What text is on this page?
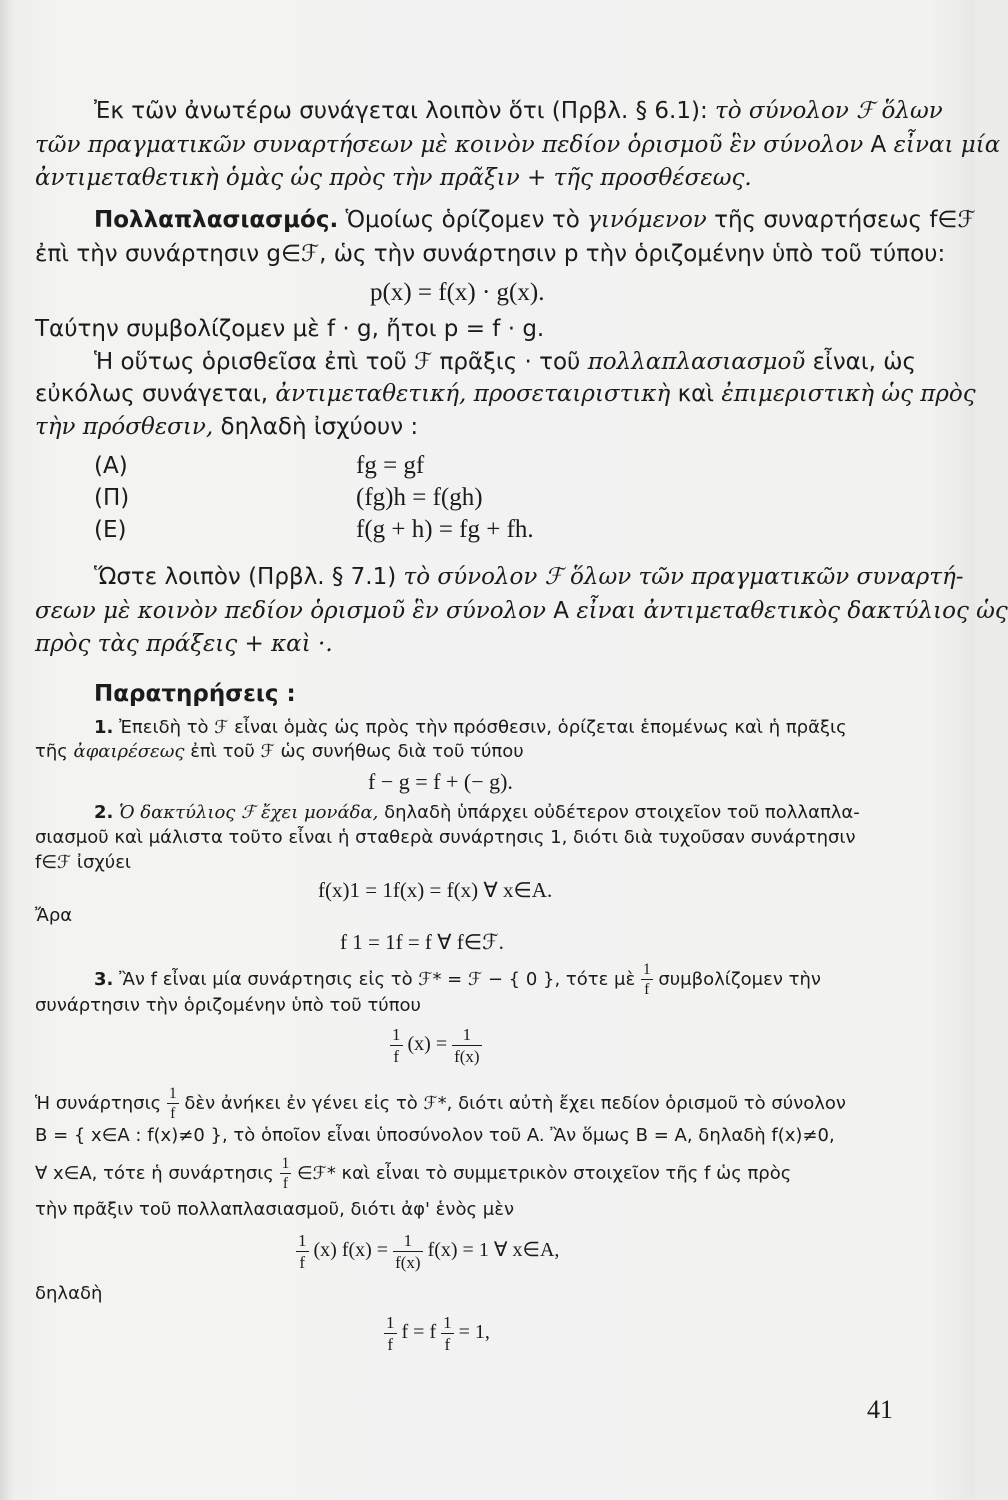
Ἐκ τῶν ἀνωτέρω συνάγεται λοιπὸν ὅτι (Πρβλ. § 6.1): τὸ σύνολον ℱ ὅλων
τῶν πραγματικῶν συναρτήσεων μὲ κοινὸν πεδίον ὁρισμοῦ ἓν σύνολον A εἶναι μία
ἀντιμεταθετικὴ ὁμὰς ὡς πρὸς τὴν πρᾶξιν + τῆς προσθέσεως.
Πολλαπλασιασμός. Ὁμοίως ὁρίζομεν τὸ γινόμενον τῆς συναρτήσεως f∈ℱ
ἐπὶ τὴν συνάρτησιν g∈ℱ, ὡς τὴν συνάρτησιν p τὴν ὁριζομένην ὑπὸ τοῦ τύπου:
p(x) = f(x) · g(x).
Ταύτην συμβολίζομεν μὲ f · g, ἤτοι p = f · g.
Ἡ οὕτως ὁρισθεῖσα ἐπὶ τοῦ ℱ πρᾶξις · τοῦ πολλαπλασιασμοῦ εἶναι, ὡς
εὐκόλως συνάγεται, ἀντιμεταθετική, προσεταιριστικὴ καὶ ἐπιμεριστικὴ ὡς πρὸς
τὴν πρόσθεσιν, δηλαδὴ ἰσχύουν :
(A)	fg = gf
(Π)	(fg)h = f(gh)
(E)	f(g + h) = fg + fh.
Ὥστε λοιπὸν (Πρβλ. § 7.1) τὸ σύνολον ℱ ὅλων τῶν πραγματικῶν συναρτή-
σεων μὲ κοινὸν πεδίον ὁρισμοῦ ἓν σύνολον A εἶναι ἀντιμεταθετικὸς δακτύλιος ὡς
πρὸς τὰς πράξεις + καὶ ·.
Παρατηρήσεις :
1. Ἐπειδὴ τὸ ℱ εἶναι ὁμὰς ὡς πρὸς τὴν πρόσθεσιν, ὁρίζεται ἑπομένως καὶ ἡ πρᾶξις
τῆς ἀφαιρέσεως ἐπὶ τοῦ ℱ ὡς συνήθως διὰ τοῦ τύπου
f − g = f + (− g).
2. Ὁ δακτύλιος ℱ ἔχει μονάδα, δηλαδὴ ὑπάρχει οὐδέτερον στοιχεῖον τοῦ πολλαπλα-
σιασμοῦ καὶ μάλιστα τοῦτο εἶναι ἡ σταθερὰ συνάρτησις 1, διότι διὰ τυχοῦσαν συνάρτησιν
f∈ℱ ἰσχύει
f(x)1 = 1f(x) = f(x) ∀ x∈A.
Ἄρα
f 1 = 1f = f ∀ f∈ℱ.
3. Ἂν f εἶναι μία συνάρτησις εἰς τὸ ℱ* = ℱ − { 0 }, τότε μὲ $\frac{1}{f}$ συμβολίζομεν τὴν
συνάρτησιν τὴν ὁριζομένην ὑπὸ τοῦ τύπου
$\frac{1}{f} (x) = \frac{1}{f(x)}$
Ἡ συνάρτησις $\frac{1}{f}$ δὲν ἀνήκει ἐν γένει εἰς τὸ ℱ*, διότι αὐτὴ ἔχει πεδίον ὁρισμοῦ τὸ σύνολον
B = { x∈A : f(x)≠0 }, τὸ ὁποῖον εἶναι ὑποσύνολον τοῦ A. Ἂν ὅμως B = A, δηλαδὴ f(x)≠0,
∀ x∈A, τότε ἡ συνάρτησις $\frac{1}{f}$ ∈ℱ* καὶ εἶναι τὸ συμμετρικὸν στοιχεῖον τῆς f ὡς πρὸς
τὴν πρᾶξιν τοῦ πολλαπλασιασμοῦ, διότι ἀφ' ἑνὸς μὲν
$\frac{1}{f} (x) f(x) = \frac{1}{f(x)} f(x) = 1$ ∀ x∈A,
δηλαδὴ
$\frac{1}{f}$ f = f $\frac{1}{f} = 1$,
41
